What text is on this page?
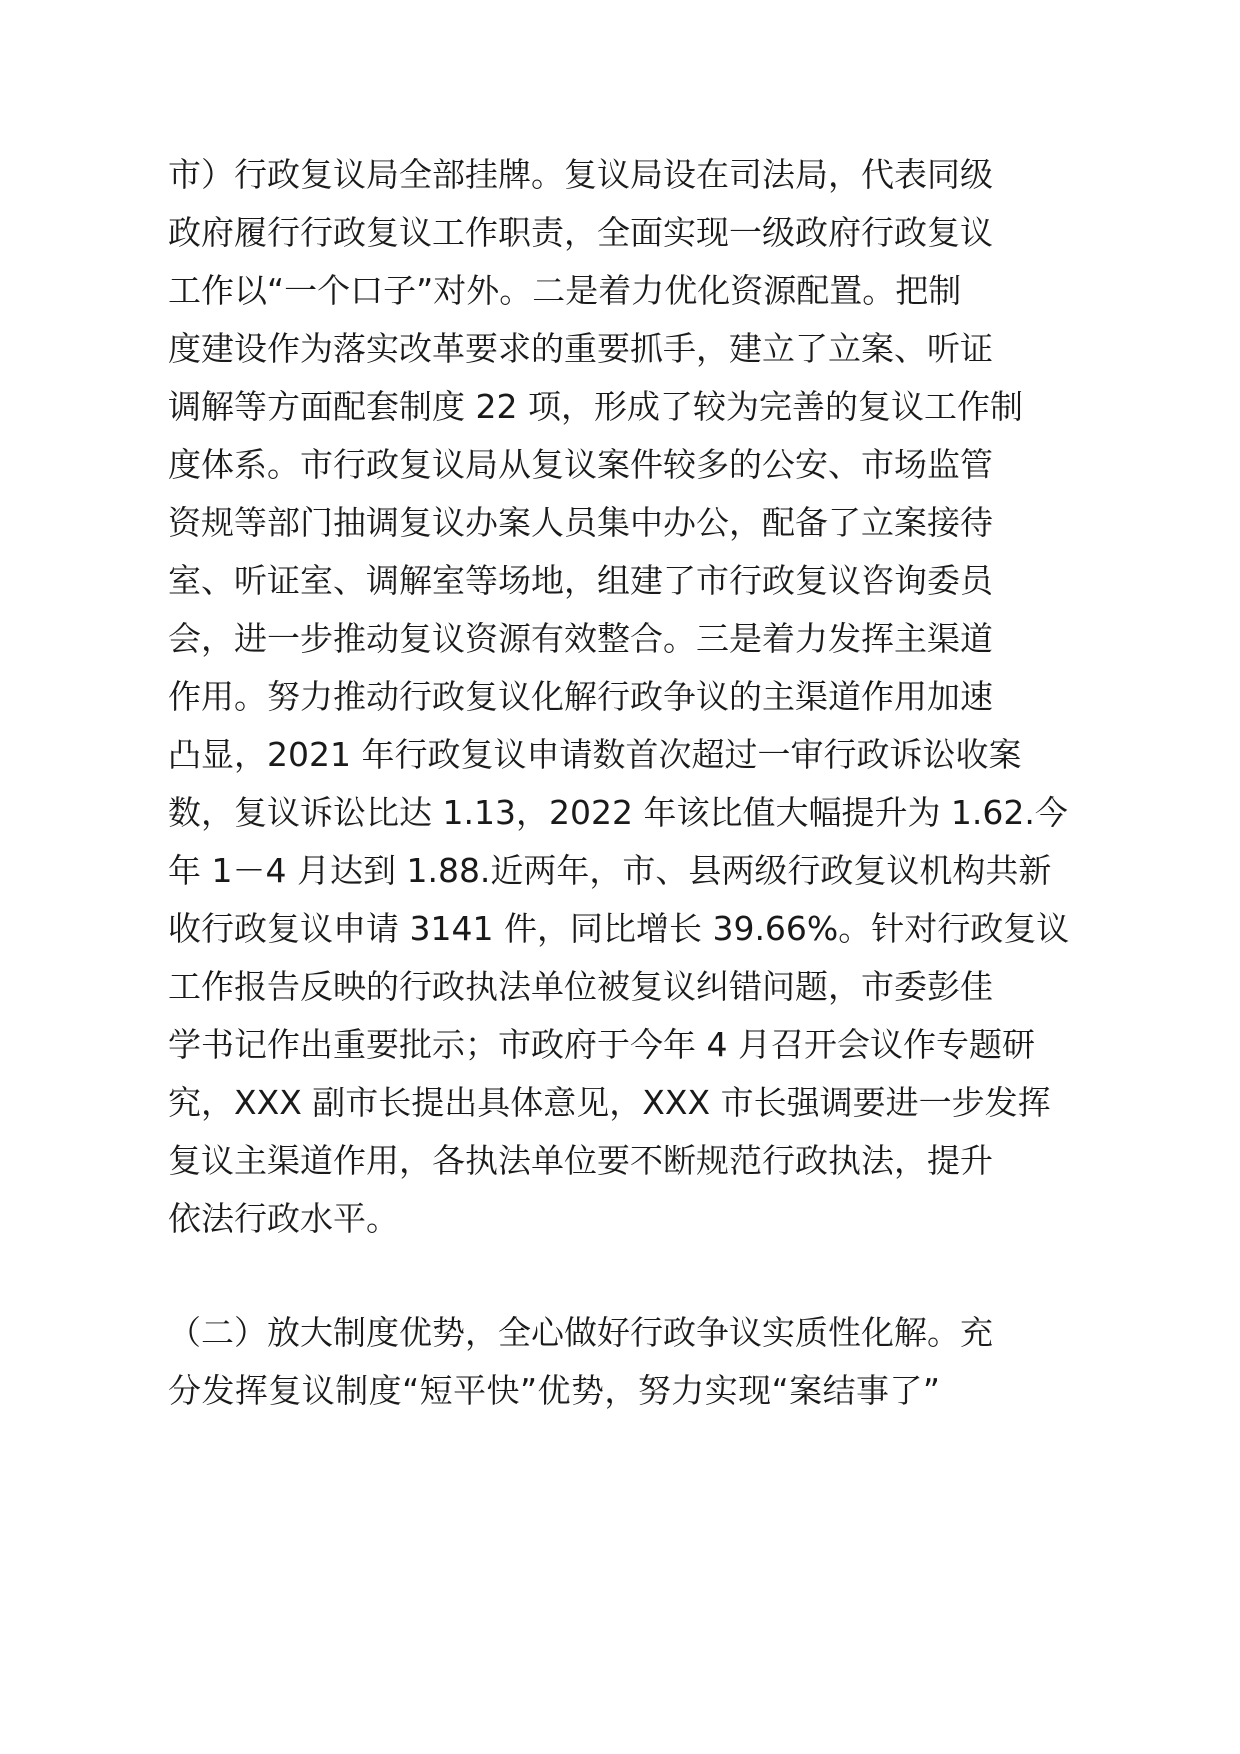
市）行政复议局全部挂牌。复议局设在司法局，代表同级
政府履行行政复议工作职责，全面实现一级政府行政复议
工作以“一个口子”对外。二是着力优化资源配置。把制
度建设作为落实改革要求的重要抓手，建立了立案、听证
调解等方面配套制度 22 项，形成了较为完善的复议工作制
度体系。市行政复议局从复议案件较多的公安、市场监管
资规等部门抽调复议办案人员集中办公，配备了立案接待
室、听证室、调解室等场地，组建了市行政复议咨询委员
会，进一步推动复议资源有效整合。三是着力发挥主渠道
作用。努力推动行政复议化解行政争议的主渠道作用加速
凸显，2021 年行政复议申请数首次超过一审行政诉讼收案
数，复议诉讼比达 1.13，2022 年该比值大幅提升为 1.62.今
年 1－4 月达到 1.88.近两年，市、县两级行政复议机构共新
收行政复议申请 3141 件，同比增长 39.66%。针对行政复议
工作报告反映的行政执法单位被复议纠错问题，市委彭佳
学书记作出重要批示；市政府于今年 4 月召开会议作专题研
究，XXX 副市长提出具体意见，XXX 市长强调要进一步发挥
复议主渠道作用，各执法单位要不断规范行政执法，提升
依法行政水平。
（二）放大制度优势，全心做好行政争议实质性化解。充
分发挥复议制度“短平快”优势，努力实现“案结事了”
